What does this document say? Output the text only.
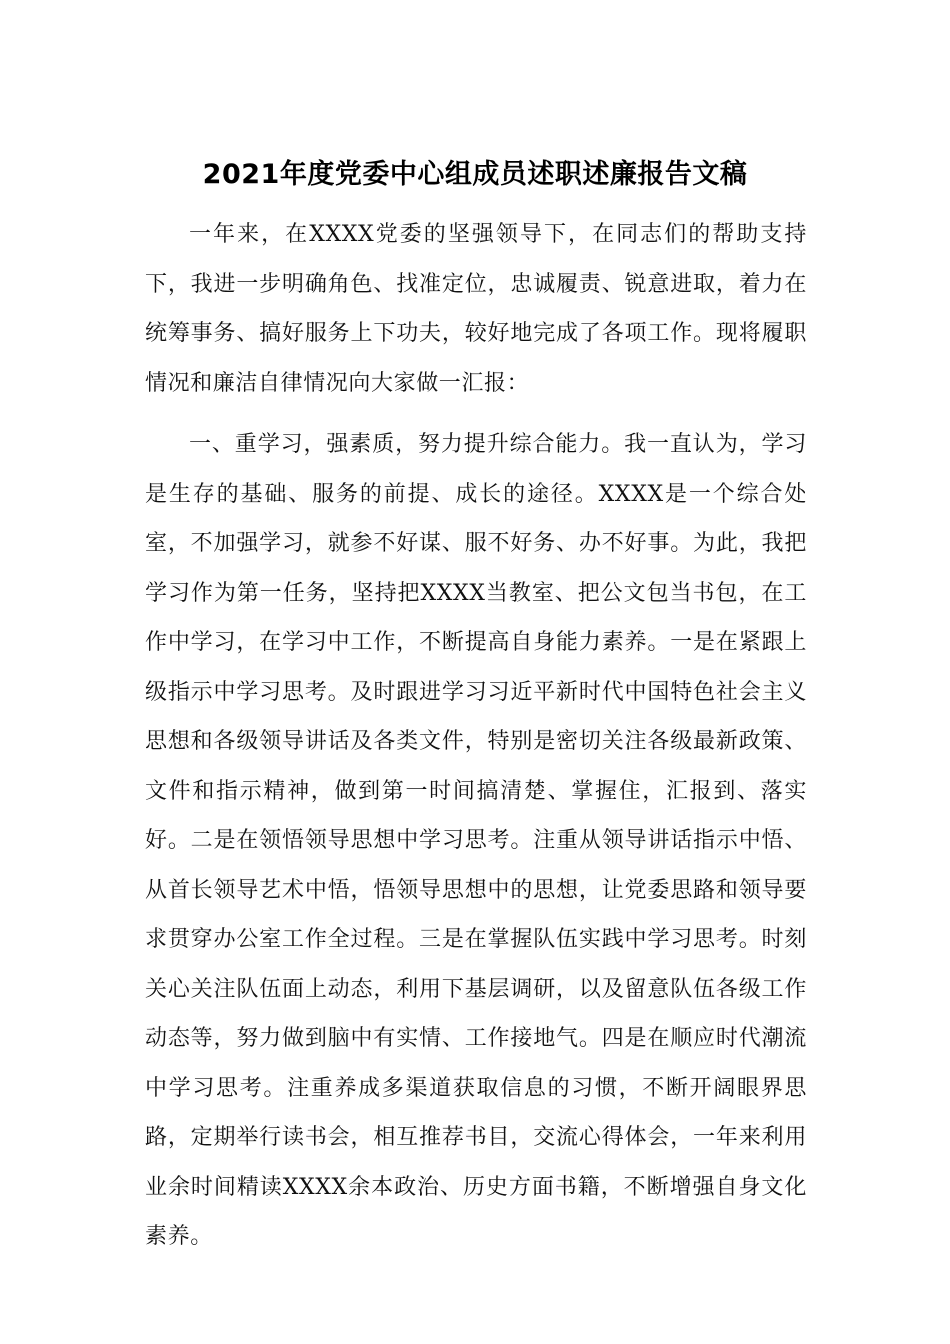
2021年度党委中心组成员述职述廉报告文稿

一年来，在XXXX党委的坚强领导下，在同志们的帮助支持下，我进一步明确角色、找准定位，忠诚履责、锐意进取，着力在统筹事务、搞好服务上下功夫，较好地完成了各项工作。现将履职情况和廉洁自律情况向大家做一汇报：

一、重学习，强素质，努力提升综合能力。我一直认为，学习是生存的基础、服务的前提、成长的途径。XXXX是一个综合处室，不加强学习，就参不好谋、服不好务、办不好事。为此，我把学习作为第一任务，坚持把XXXX当教室、把公文包当书包，在工作中学习，在学习中工作，不断提高自身能力素养。一是在紧跟上级指示中学习思考。及时跟进学习习近平新时代中国特色社会主义思想和各级领导讲话及各类文件，特别是密切关注各级最新政策、文件和指示精神，做到第一时间搞清楚、掌握住，汇报到、落实好。二是在领悟领导思想中学习思考。注重从领导讲话指示中悟、从首长领导艺术中悟，悟领导思想中的思想，让党委思路和领导要求贯穿办公室工作全过程。三是在掌握队伍实践中学习思考。时刻关心关注队伍面上动态，利用下基层调研，以及留意队伍各级工作动态等，努力做到脑中有实情、工作接地气。四是在顺应时代潮流中学习思考。注重养成多渠道获取信息的习惯，不断开阔眼界思路，定期举行读书会，相互推荐书目，交流心得体会，一年来利用业余时间精读XXXX余本政治、历史方面书籍，不断增强自身文化素养。
